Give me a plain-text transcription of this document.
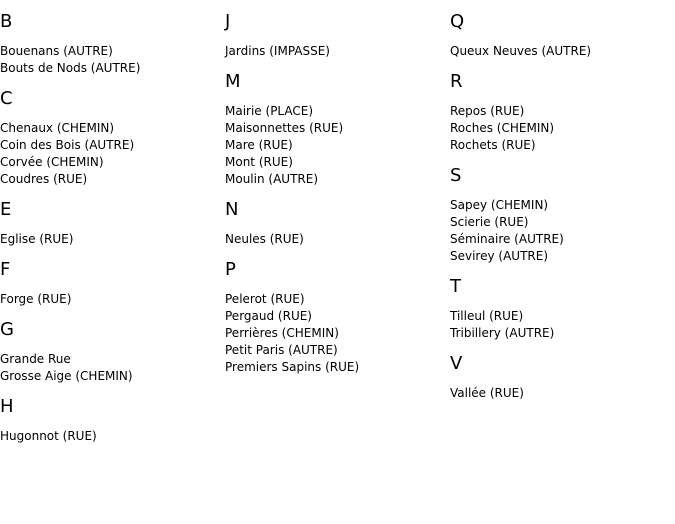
B
Bouenans (AUTRE)
Bouts de Nods (AUTRE)
C
Chenaux (CHEMIN)
Coin des Bois (AUTRE)
Corvée (CHEMIN)
Coudres (RUE)
E
Eglise (RUE)
F
Forge (RUE)
G
Grande Rue
Grosse Aige (CHEMIN)
H
Hugonnot (RUE)
J
Jardins (IMPASSE)
M
Mairie (PLACE)
Maisonnettes (RUE)
Mare (RUE)
Mont (RUE)
Moulin (AUTRE)
N
Neules (RUE)
P
Pelerot (RUE)
Pergaud (RUE)
Perrières (CHEMIN)
Petit Paris (AUTRE)
Premiers Sapins (RUE)
Q
Queux Neuves (AUTRE)
R
Repos (RUE)
Roches (CHEMIN)
Rochets (RUE)
S
Sapey (CHEMIN)
Scierie (RUE)
Séminaire (AUTRE)
Sevirey (AUTRE)
T
Tilleul (RUE)
Tribillery (AUTRE)
V
Vallée (RUE)
